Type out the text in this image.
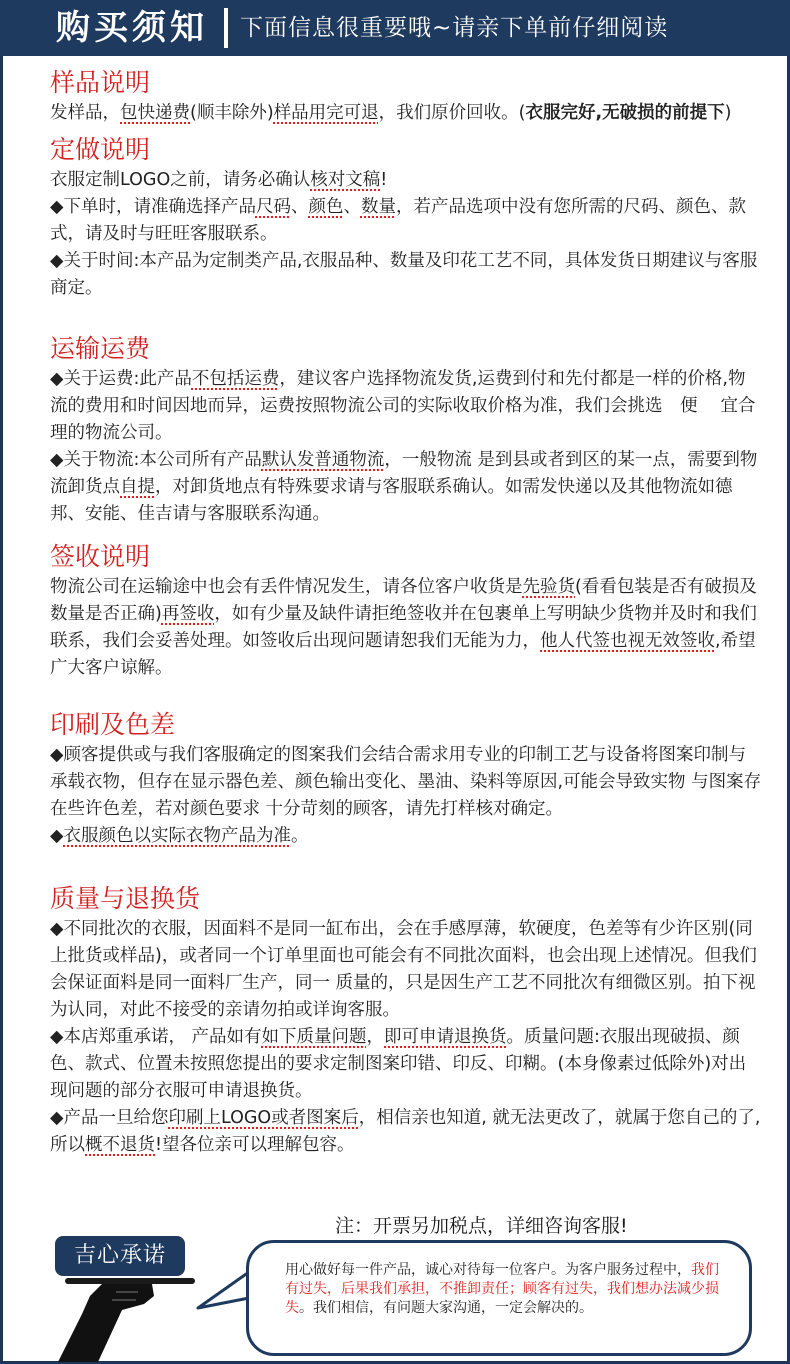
购买须知 下面信息很重要哦~请亲下单前仔细阅读
样品说明

发样品，包快递费(顺丰除外)样品用完可退，我们原价回收。(衣服完好,无破损的前提下)

定做说明

衣服定制LOGO之前，请务必确认核对文稿!

◆下单时，请准确选择产品尺码、颜色、数量，若产品选项中没有您所需的尺码、颜色、款式，请及时与旺旺客服联系。

◆关于时间:本产品为定制类产品,衣服品种、数量及印花工艺不同，具体发货日期建议与客服商定。

运输运费

◆关于运费:此产品不包括运费，建议客户选择物流发货,运费到付和先付都是一样的价格,物流的费用和时间因地而异，运费按照物流公司的实际收取价格为准，我们会挑选　便　 宜合理的物流公司。

◆关于物流:本公司所有产品默认发普通物流，一般物流 是到县或者到区的某一点，需要到物流卸货点自提，对卸货地点有特殊要求请与客服联系确认。如需发快递以及其他物流如德邦、安能、佳吉请与客服联系沟通。

签收说明

物流公司在运输途中也会有丢件情况发生，请各位客户收货是先验货(看看包装是否有破损及数量是否正确)再签收，如有少量及缺件请拒绝签收并在包裹单上写明缺少货物并及时和我们联系，我们会妥善处理。如签收后出现问题请恕我们无能为力，他人代签也视无效签收,希望广大客户谅解。

印刷及色差

◆顾客提供或与我们客服确定的图案我们会结合需求用专业的印制工艺与设备将图案印制与承载衣物，但存在显示器色差、颜色输出变化、墨油、染料等原因,可能会导致实物 与图案存在些许色差，若对颜色要求 十分苛刻的顾客，请先打样核对确定。

◆衣服颜色以实际衣物产品为准。

质量与退换货

◆不同批次的衣服，因面料不是同一缸布出，会在手感厚薄，软硬度，色差等有少许区别(同上批货或样品)，或者同一个订单里面也可能会有不同批次面料，也会出现上述情况。但我们会保证面料是同一面料厂生产，同一 质量的，只是因生产工艺不同批次有细微区别。拍下视为认同，对此不接受的亲请勿拍或详询客服。

◆本店郑重承诺， 产品如有如下质量问题，即可申请退换货。质量问题:衣服出现破损、颜色、款式、位置未按照您提出的要求定制图案印错、印反、印糊。(本身像素过低除外)对出现问题的部分衣服可申请退换货。

◆产品一旦给您印刷上LOGO或者图案后，相信亲也知道, 就无法更改了，就属于您自己的了,所以概不退货!望各位亲可以理解包容。

注：开票另加税点，详细咨询客服!
吉心承诺
用心做好每一件产品，诚心对待每一位客户。为客户服务过程中，我们有过失，后果我们承担，不推卸责任；顾客有过失，我们想办法减少损失。我们相信，有问题大家沟通，一定会解决的。
